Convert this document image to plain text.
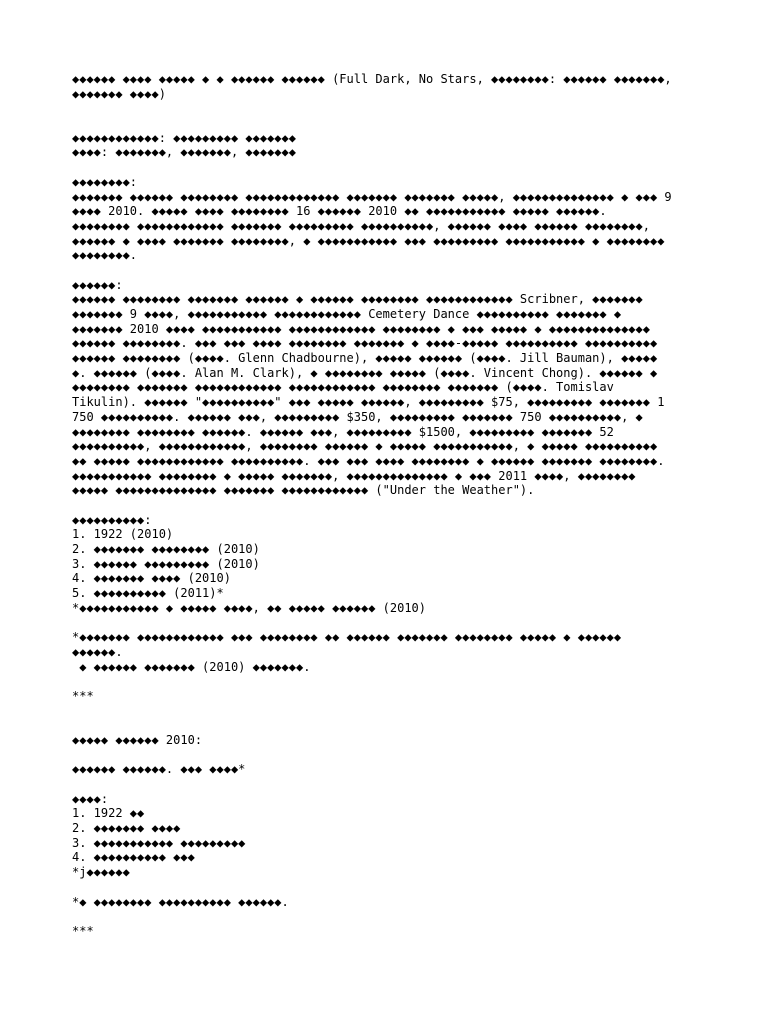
◆◆◆◆◆◆ ◆◆◆◆ ◆◆◆◆◆ ◆ ◆ ◆◆◆◆◆◆ ◆◆◆◆◆◆ (Full Dark, No Stars, ◆◆◆◆◆◆◆◆: ◆◆◆◆◆◆ ◆◆◆◆◆◆◆,
◆◆◆◆◆◆◆ ◆◆◆◆)
◆◆◆◆◆◆◆◆◆◆◆◆: ◆◆◆◆◆◆◆◆◆ ◆◆◆◆◆◆◆
◆◆◆◆: ◆◆◆◆◆◆◆, ◆◆◆◆◆◆◆, ◆◆◆◆◆◆◆
◆◆◆◆◆◆◆◆:
◆◆◆◆◆◆◆ ◆◆◆◆◆◆ ◆◆◆◆◆◆◆◆ ◆◆◆◆◆◆◆◆◆◆◆◆◆ ◆◆◆◆◆◆◆ ◆◆◆◆◆◆◆ ◆◆◆◆◆, ◆◆◆◆◆◆◆◆◆◆◆◆◆◆ ◆ ◆◆◆ 9
◆◆◆◆ 2010. ◆◆◆◆◆ ◆◆◆◆ ◆◆◆◆◆◆◆◆ 16 ◆◆◆◆◆◆ 2010 ◆◆ ◆◆◆◆◆◆◆◆◆◆◆ ◆◆◆◆◆ ◆◆◆◆◆◆.
◆◆◆◆◆◆◆◆ ◆◆◆◆◆◆◆◆◆◆◆◆ ◆◆◆◆◆◆◆ ◆◆◆◆◆◆◆◆◆ ◆◆◆◆◆◆◆◆◆◆, ◆◆◆◆◆◆ ◆◆◆◆ ◆◆◆◆◆◆ ◆◆◆◆◆◆◆◆,
◆◆◆◆◆◆ ◆ ◆◆◆◆ ◆◆◆◆◆◆◆ ◆◆◆◆◆◆◆◆, ◆ ◆◆◆◆◆◆◆◆◆◆◆ ◆◆◆ ◆◆◆◆◆◆◆◆◆ ◆◆◆◆◆◆◆◆◆◆◆ ◆ ◆◆◆◆◆◆◆◆
◆◆◆◆◆◆◆◆.
◆◆◆◆◆◆:
◆◆◆◆◆◆ ◆◆◆◆◆◆◆◆ ◆◆◆◆◆◆◆ ◆◆◆◆◆◆ ◆ ◆◆◆◆◆◆ ◆◆◆◆◆◆◆◆ ◆◆◆◆◆◆◆◆◆◆◆◆ Scribner, ◆◆◆◆◆◆◆
◆◆◆◆◆◆◆ 9 ◆◆◆◆, ◆◆◆◆◆◆◆◆◆◆◆ ◆◆◆◆◆◆◆◆◆◆◆◆ Cemetery Dance ◆◆◆◆◆◆◆◆◆◆ ◆◆◆◆◆◆◆ ◆
◆◆◆◆◆◆◆ 2010 ◆◆◆◆ ◆◆◆◆◆◆◆◆◆◆◆ ◆◆◆◆◆◆◆◆◆◆◆◆ ◆◆◆◆◆◆◆◆ ◆ ◆◆◆ ◆◆◆◆◆ ◆ ◆◆◆◆◆◆◆◆◆◆◆◆◆◆
◆◆◆◆◆◆ ◆◆◆◆◆◆◆◆. ◆◆◆ ◆◆◆ ◆◆◆◆ ◆◆◆◆◆◆◆◆ ◆◆◆◆◆◆◆ ◆ ◆◆◆◆-◆◆◆◆◆ ◆◆◆◆◆◆◆◆◆◆ ◆◆◆◆◆◆◆◆◆◆
◆◆◆◆◆◆ ◆◆◆◆◆◆◆◆ (◆◆◆◆. Glenn Chadbourne), ◆◆◆◆◆ ◆◆◆◆◆◆ (◆◆◆◆. Jill Bauman), ◆◆◆◆◆
◆. ◆◆◆◆◆◆ (◆◆◆◆. Alan M. Clark), ◆ ◆◆◆◆◆◆◆◆ ◆◆◆◆◆ (◆◆◆◆. Vincent Chong). ◆◆◆◆◆◆ ◆
◆◆◆◆◆◆◆◆ ◆◆◆◆◆◆◆ ◆◆◆◆◆◆◆◆◆◆◆◆ ◆◆◆◆◆◆◆◆◆◆◆◆ ◆◆◆◆◆◆◆◆ ◆◆◆◆◆◆◆ (◆◆◆◆. Tomislav
Tikulin). ◆◆◆◆◆◆ "◆◆◆◆◆◆◆◆◆◆" ◆◆◆ ◆◆◆◆◆ ◆◆◆◆◆◆, ◆◆◆◆◆◆◆◆◆ $75, ◆◆◆◆◆◆◆◆◆ ◆◆◆◆◆◆◆ 1
750 ◆◆◆◆◆◆◆◆◆◆. ◆◆◆◆◆◆ ◆◆◆, ◆◆◆◆◆◆◆◆◆ $350, ◆◆◆◆◆◆◆◆◆ ◆◆◆◆◆◆◆ 750 ◆◆◆◆◆◆◆◆◆◆, ◆
◆◆◆◆◆◆◆◆ ◆◆◆◆◆◆◆◆ ◆◆◆◆◆◆. ◆◆◆◆◆◆ ◆◆◆, ◆◆◆◆◆◆◆◆◆ $1500, ◆◆◆◆◆◆◆◆◆ ◆◆◆◆◆◆◆ 52
◆◆◆◆◆◆◆◆◆◆, ◆◆◆◆◆◆◆◆◆◆◆◆, ◆◆◆◆◆◆◆◆ ◆◆◆◆◆◆ ◆ ◆◆◆◆◆ ◆◆◆◆◆◆◆◆◆◆◆, ◆ ◆◆◆◆◆ ◆◆◆◆◆◆◆◆◆◆
◆◆ ◆◆◆◆◆ ◆◆◆◆◆◆◆◆◆◆◆◆ ◆◆◆◆◆◆◆◆◆◆. ◆◆◆ ◆◆◆ ◆◆◆◆ ◆◆◆◆◆◆◆◆ ◆ ◆◆◆◆◆◆ ◆◆◆◆◆◆◆ ◆◆◆◆◆◆◆◆.
◆◆◆◆◆◆◆◆◆◆◆ ◆◆◆◆◆◆◆◆ ◆ ◆◆◆◆◆ ◆◆◆◆◆◆◆, ◆◆◆◆◆◆◆◆◆◆◆◆◆◆ ◆ ◆◆◆ 2011 ◆◆◆◆, ◆◆◆◆◆◆◆◆
◆◆◆◆◆ ◆◆◆◆◆◆◆◆◆◆◆◆◆◆ ◆◆◆◆◆◆◆ ◆◆◆◆◆◆◆◆◆◆◆◆ ("Under the Weather").
◆◆◆◆◆◆◆◆◆◆:
1. 1922 (2010)
2. ◆◆◆◆◆◆◆ ◆◆◆◆◆◆◆◆ (2010)
3. ◆◆◆◆◆◆ ◆◆◆◆◆◆◆◆◆ (2010)
4. ◆◆◆◆◆◆◆ ◆◆◆◆ (2010)
5. ◆◆◆◆◆◆◆◆◆◆ (2011)*
*◆◆◆◆◆◆◆◆◆◆◆ ◆ ◆◆◆◆◆ ◆◆◆◆, ◆◆ ◆◆◆◆◆ ◆◆◆◆◆◆ (2010)
*◆◆◆◆◆◆◆ ◆◆◆◆◆◆◆◆◆◆◆◆ ◆◆◆ ◆◆◆◆◆◆◆◆ ◆◆ ◆◆◆◆◆◆ ◆◆◆◆◆◆◆ ◆◆◆◆◆◆◆◆ ◆◆◆◆◆ ◆ ◆◆◆◆◆◆
◆◆◆◆◆◆.
◆ ◆◆◆◆◆◆ ◆◆◆◆◆◆◆ (2010) ◆◆◆◆◆◆◆.
***
◆◆◆◆◆ ◆◆◆◆◆◆ 2010:
◆◆◆◆◆◆ ◆◆◆◆◆◆. ◆◆◆ ◆◆◆◆*
◆◆◆◆:
1. 1922 ◆◆
2. ◆◆◆◆◆◆◆ ◆◆◆◆
3. ◆◆◆◆◆◆◆◆◆◆◆ ◆◆◆◆◆◆◆◆◆
4. ◆◆◆◆◆◆◆◆◆◆ ◆◆◆
*j◆◆◆◆◆◆
*◆ ◆◆◆◆◆◆◆◆ ◆◆◆◆◆◆◆◆◆◆ ◆◆◆◆◆◆.
***
